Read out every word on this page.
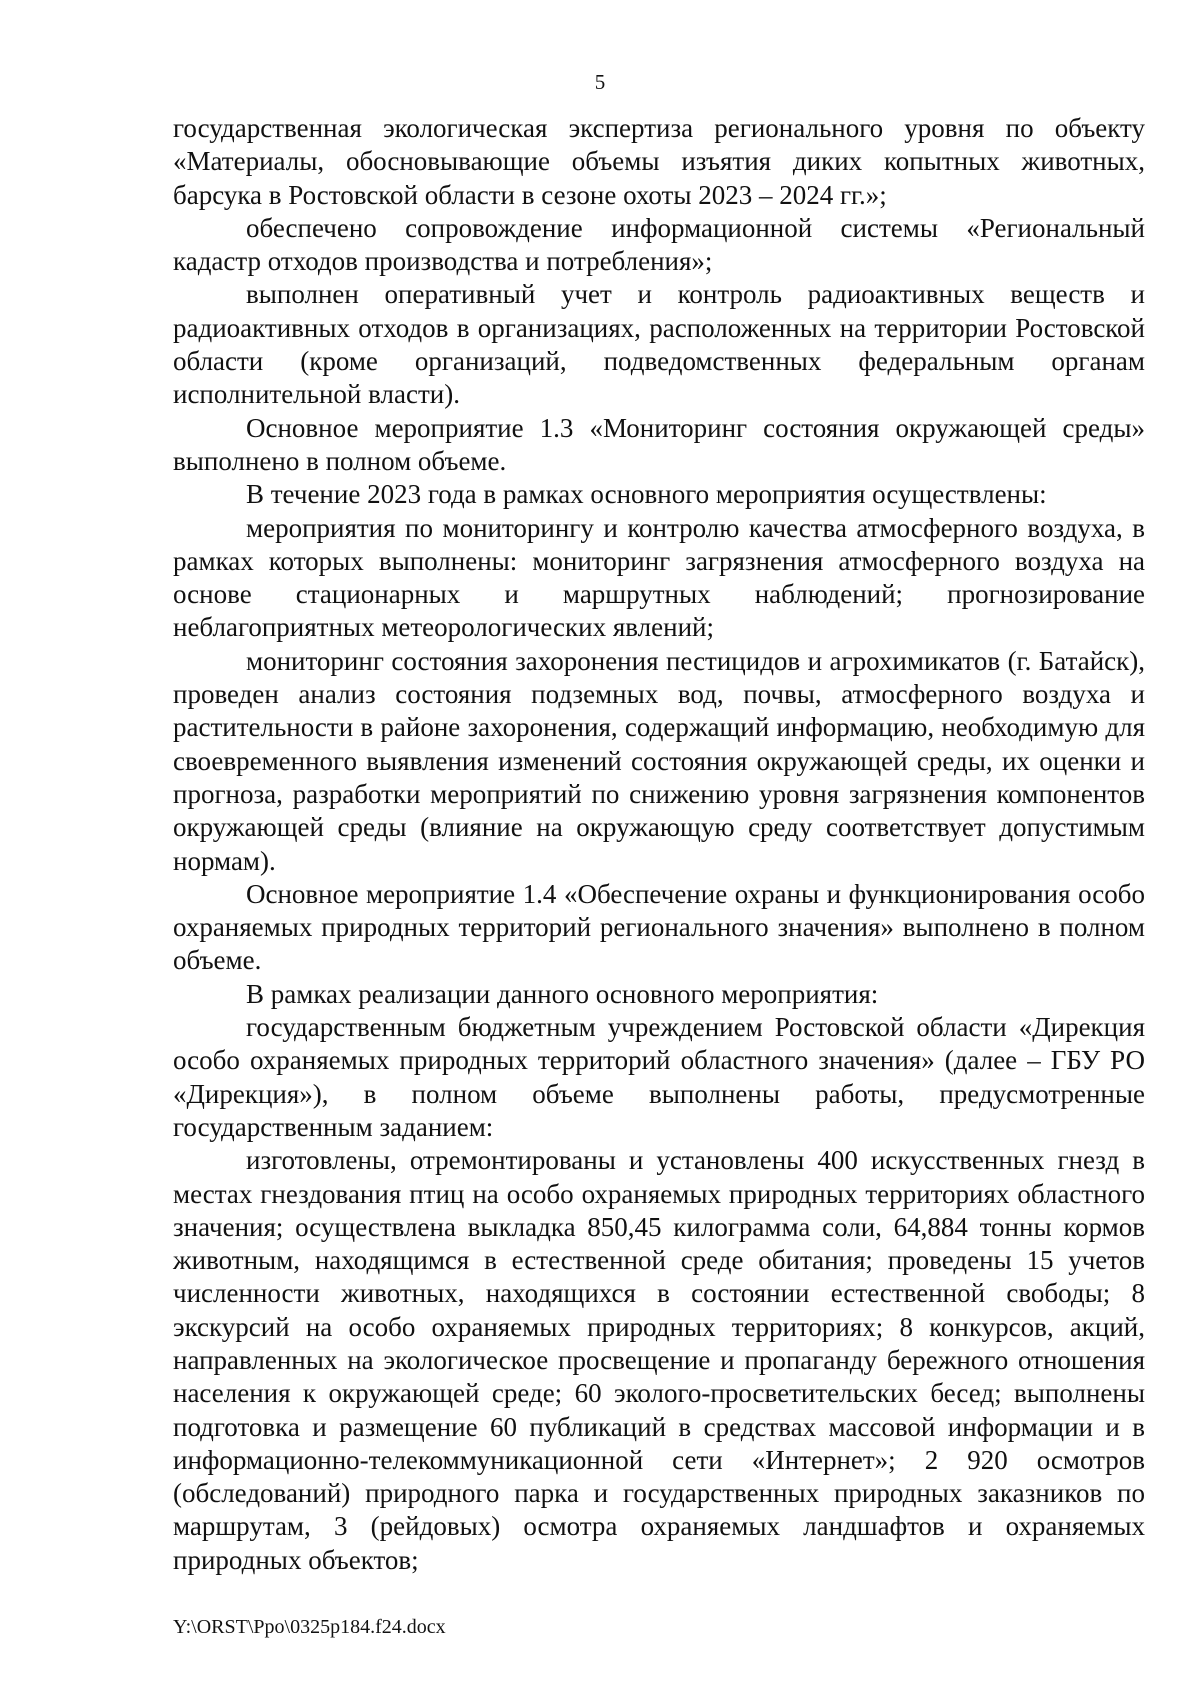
5

государственная экологическая экспертиза регионального уровня по объекту «Материалы, обосновывающие объемы изъятия диких копытных животных, барсука в Ростовской области в сезоне охоты 2023 – 2024 гг.»;

обеспечено сопровождение информационной системы «Региональный кадастр отходов производства и потребления»;

выполнен оперативный учет и контроль радиоактивных веществ и радиоактивных отходов в организациях, расположенных на территории Ростовской области (кроме организаций, подведомственных федеральным органам исполнительной власти).

Основное мероприятие 1.3 «Мониторинг состояния окружающей среды» выполнено в полном объеме.

В течение 2023 года в рамках основного мероприятия осуществлены:

мероприятия по мониторингу и контролю качества атмосферного воздуха, в рамках которых выполнены: мониторинг загрязнения атмосферного воздуха на основе стационарных и маршрутных наблюдений; прогнозирование неблагоприятных метеорологических явлений;

мониторинг состояния захоронения пестицидов и агрохимикатов (г. Батайск), проведен анализ состояния подземных вод, почвы, атмосферного воздуха и растительности в районе захоронения, содержащий информацию, необходимую для своевременного выявления изменений состояния окружающей среды, их оценки и прогноза, разработки мероприятий по снижению уровня загрязнения компонентов окружающей среды (влияние на окружающую среду соответствует допустимым нормам).

Основное мероприятие 1.4 «Обеспечение охраны и функционирования особо охраняемых природных территорий регионального значения» выполнено в полном объеме.

В рамках реализации данного основного мероприятия:

государственным бюджетным учреждением Ростовской области «Дирекция особо охраняемых природных территорий областного значения» (далее – ГБУ РО «Дирекция»), в полном объеме выполнены работы, предусмотренные государственным заданием:

изготовлены, отремонтированы и установлены 400 искусственных гнезд в местах гнездования птиц на особо охраняемых природных территориях областного значения; осуществлена выкладка 850,45 килограмма соли, 64,884 тонны кормов животным, находящимся в естественной среде обитания; проведены 15 учетов численности животных, находящихся в состоянии естественной свободы; 8 экскурсий на особо охраняемых природных территориях; 8 конкурсов, акций, направленных на экологическое просвещение и пропаганду бережного отношения населения к окружающей среде; 60 эколого-просветительских бесед; выполнены подготовка и размещение 60 публикаций в средствах массовой информации и в информационно-телекоммуникационной сети «Интернет»; 2 920 осмотров (обследований) природного парка и государственных природных заказников по маршрутам, 3 (рейдовых) осмотра охраняемых ландшафтов и охраняемых природных объектов;

Y:\ORST\Ppo\0325p184.f24.docx
